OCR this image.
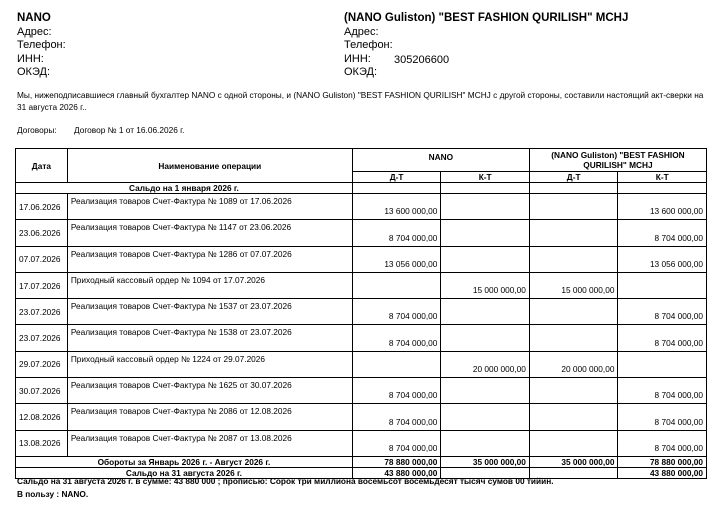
NANO
Адрес:
Телефон:
ИНН:
ОКЭД:
(NANO Guliston) "BEST FASHION QURILISH" MCHJ
Адрес:
Телефон:
ИНН:
ОКЭД:
305206600
Мы, нижеподписавшиеся главный бухгалтер NANO с одной стороны, и (NANO Guliston) "BEST FASHION QURILISH" MCHJ с другой стороны, составили настоящий акт-сверки на 31 августа 2026 г..
Договоры: Договор № 1 от 16.06.2026 г.
Дата	Наименование операции	NANO		(NANO Guliston) "BEST FASHION QURILISH" MCHJ	
		Д-Т	К-Т	Д-Т	К-Т
Сальдо на 1 января 2026 г.					
17.06.2026	Реализация товаров Счет-Фактура № 1089 от 17.06.2026	13 600 000,00			13 600 000,00
23.06.2026	Реализация товаров Счет-Фактура № 1147 от 23.06.2026	8 704 000,00			8 704 000,00
07.07.2026	Реализация товаров Счет-Фактура № 1286 от 07.07.2026	13 056 000,00			13 056 000,00
17.07.2026	Приходный кассовый ордер № 1094 от 17.07.2026		15 000 000,00	15 000 000,00	
23.07.2026	Реализация товаров Счет-Фактура № 1537 от 23.07.2026	8 704 000,00			8 704 000,00
23.07.2026	Реализация товаров Счет-Фактура № 1538 от 23.07.2026	8 704 000,00			8 704 000,00
29.07.2026	Приходный кассовый ордер № 1224 от 29.07.2026		20 000 000,00	20 000 000,00	
30.07.2026	Реализация товаров Счет-Фактура № 1625 от 30.07.2026	8 704 000,00			8 704 000,00
12.08.2026	Реализация товаров Счет-Фактура № 2086 от 12.08.2026	8 704 000,00			8 704 000,00
13.08.2026	Реализация товаров Счет-Фактура № 2087 от 13.08.2026	8 704 000,00			8 704 000,00
Обороты за Январь 2026 г. - Август 2026 г.		78 880 000,00	35 000 000,00	35 000 000,00	78 880 000,00
Сальдо на 31 августа 2026 г.		43 880 000,00			43 880 000,00
Сальдо на 31 августа 2026 г. в сумме: 43 880 000 ; прописью: Сорок три миллиона восемьсот восемьдесят тысяч сумов 00 тийин.
В пользу : NANO.
